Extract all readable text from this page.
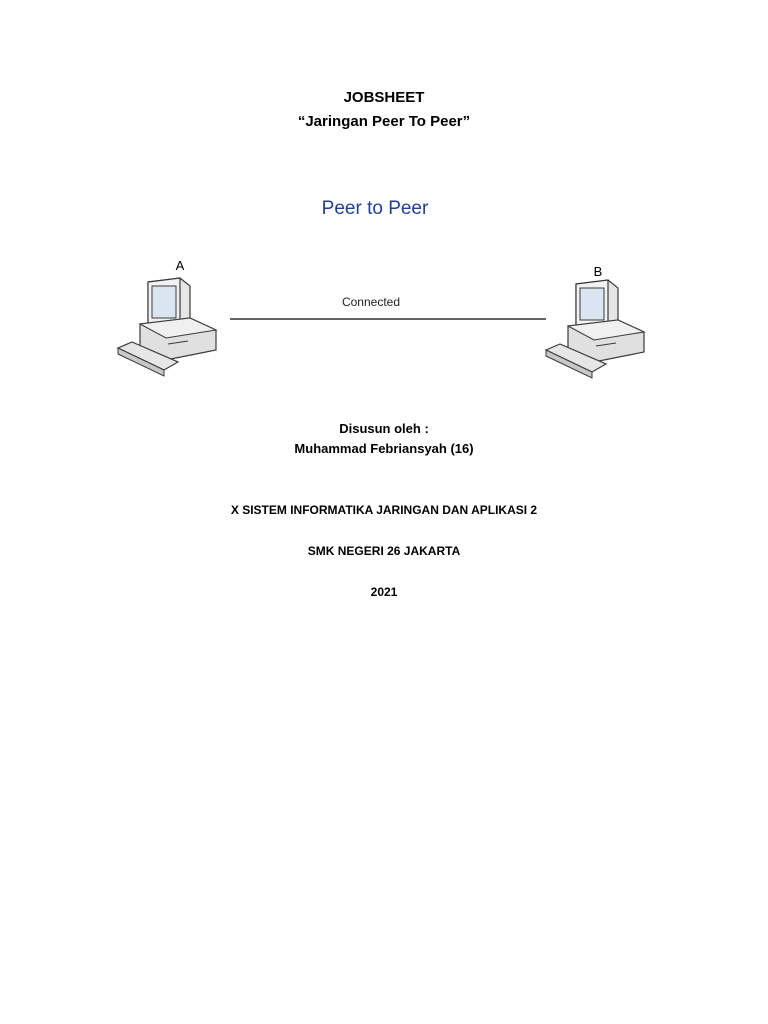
JOBSHEET
“Jaringan Peer To Peer”
Peer to Peer
A	B
Connected
Disusun oleh :
Muhammad Febriansyah (16)
X SISTEM INFORMATIKA JARINGAN DAN APLIKASI 2
SMK NEGERI 26 JAKARTA
2021
